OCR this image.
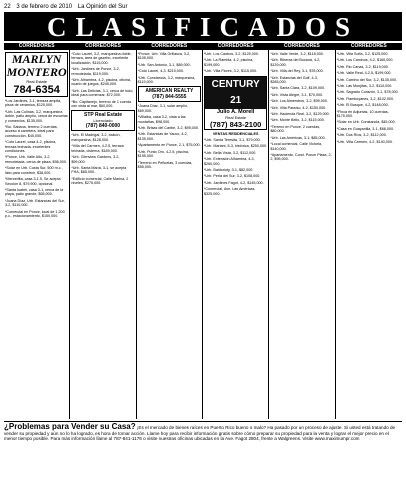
22 3 de febrero de 2010 La Opinión del Sur
CLASIFICADOS
CORREDORES
MARLYN
MONTERO
Real Estate
784-6354

*Los Jardines, 3-1, terraza amplia, pisos de cerámica, $120,000.

*Urb. Las Colinas, 3-2, marquesina doble, patio amplio, cerca de escuelas y comercios, $135,000.

*Bo. Sabana, terreno 2 cuerdas, acceso a carretera, ideal para construcción, $45,000.

*Coto Laurel, casa 4-2, piscina, terraza techada, excelentes condiciones.

*Ponce, Urb. Valle Alto, 3-2, remodelada, cerca de plaza, $98,000.

*Solar en Urb. Costa Sur, 500 m.c., listo para construir, $38,000.

*Mercedita, casa 3-1.5, Se acepta Sección 8, $79,900, opcional.

*Santa Isabel, casa 3-1, cerca de la playa, patio grande, $65,000.

*Juana Díaz, Urb. Estancias del Sur, 3-2, $110,000.

*Comercial en Ponce, local de 1,200 p.c., estacionamiento, $150,000.

CORREDORES

*Coto Laurel, 3-2, marquesina doble, terraza, área de gazebo, excelente localización, $115,000.

*Urb. Jardines de Ponce, 3-2, remodelada, $119,000.

*Urb. Alhambra, 4-2, piscina, oficina, cuarto de juegos, $245,000.

*Urb. Las Delicias, 3-1, cerca de todo, ideal para comenzar, $72,000.

*Bo. Capitanejo, terreno de 1 cuerda con vista al mar, $60,000.

STP Real Estate
Licenciado
(787) 840-0000

*Urb. El Madrigal, 3-2, balcón, marquesina, $128,000.

*Villa del Carmen, 4-2.5, terraza techada, cisterna, $189,000.

*Urb. Glenview Gardens, 3-2, $99,000.

*Urb. Santa María, 3-1, se acepta FHA, $85,000.

*Edificio comercial, Calle Marina, 2 niveles, $275,000.

CORREDORES

*Ponce, Urb. Villa Grillasca, 3-2, $105,000.

*Urb. San Antonio, 3-1, $89,000.

*Coto Laurel, 4-3, $210,000.

*Urb. Constancia, 3-2, marquesina, $119,000.

AMERICAN REALTY
(787) 844-5555

*Juana Díaz, 3-1, solar amplio, $69,000.

*Villalba, casa 3-2, vista a las montañas, $98,000.

*Urb. Brisas del Caribe, 3-2, $95,000.

*Urb. Estancias de Yauco, 4-2, $135,000.

*Apartamento en Ponce, 2-1, $75,000.

*Urb. Punto Oro, 4-2.5, piscina, $195,000.

*Terreno en Peñuelas, 3 cuerdas, $55,000.

CORREDORES

*Urb. Los Caobos, 3-2, $125,000.

*Urb. La Rambla, 4-2, piscina, $199,000.

*Urb. Villa Flores, 3-2, $115,000.

CENTURY 21
Julio A. Morell
Real Estate
(787) 843-2100

VENTAS RESIDENCIALES

*Urb. Santa Teresita, 3-1, $79,000.

*Urb. Mariani, 5-3, histórica, $250,000.

*Urb. Bella Vista, 3-2, $112,000.

*Urb. Extensión Alhambra, 4-3, $260,000.

*Urb. Baldorioty, 3-1, $82,000.

*Urb. Perla del Sur, 3-2, $108,000.

*Urb. Jardines Fagot, 4-2, $145,000.

*Comercial, Ave. Las Américas, $325,000.

CORREDORES

*Urb. Valle Verde, 3-2, $118,000.

*Urb. Riberas del Bucaná, 4-2, $139,000.

*Urb. Villa del Rey, 3-1, $76,000.

*Urb. Estancias del Golf, 4-3, $285,000.

*Urb. Santa Clara, 3-2, $109,000.

*Urb. Vista Alegre, 3-1, $70,000.

*Urb. Los Almendros, 3-2, $99,000.

*Urb. Villa Paraíso, 4-2, $150,000.

*Urb. Hacienda Real, 3-2, $129,000.

*Urb. Monte Bello, 3-2, $115,000.

*Terreno en Ponce, 2 cuerdas, $80,000.

*Urb. Las Américas, 3-1, $85,000.

*Local comercial, Calle Victoria, $140,000.

*Apartamento, Cond. Ponce Plaza, 2-2, $95,000.

CORREDORES

*Urb. Villa Sofía, 3-2, $125,000.

*Urb. Los Caminos, 4-2, $160,000.

*Urb. Rio Canas, 3-2, $119,000.

*Urb. Valle Real, 4-2.5, $199,000.

*Urb. Camino del Sur, 3-2, $135,000.

*Urb. Las Monjitas, 3-2, $110,000.

*Urb. Sagrado Corazón, 3-1, $78,000.

*Urb. Flamboyanes, 3-2, $102,000.

*Urb. El Bosque, 4-2, $148,000.

*Finca en Adjuntas, 10 cuerdas, $175,000.

*Solar en Urb. Constancia, $45,000.

*Casa en Guayanilla, 3-1, $68,000.

*Urb. Dos Ríos, 3-2, $112,000.

*Urb. Villa Carmen, 4-2, $140,000.

¿Problemas para Vender su Casa? ¡Es el mercado de bienes raíces en Puerto Rico bueno o malo? Ha pasado por un proceso de ajuste. Si usted está tratando de vender su propiedad y aún no lo ha logrado, es hora de tomar acción. Llame hoy para recibir información gratis sobre cómo preparar su propiedad para la venta y lograr el mejor precio en el menor tiempo posible. Para más información llame al 787-841-1176 o visite nuestras oficinas ubicadas en la Ave. Fagot 2804, frente a Walgreens. Visite www.maximumpr.com
